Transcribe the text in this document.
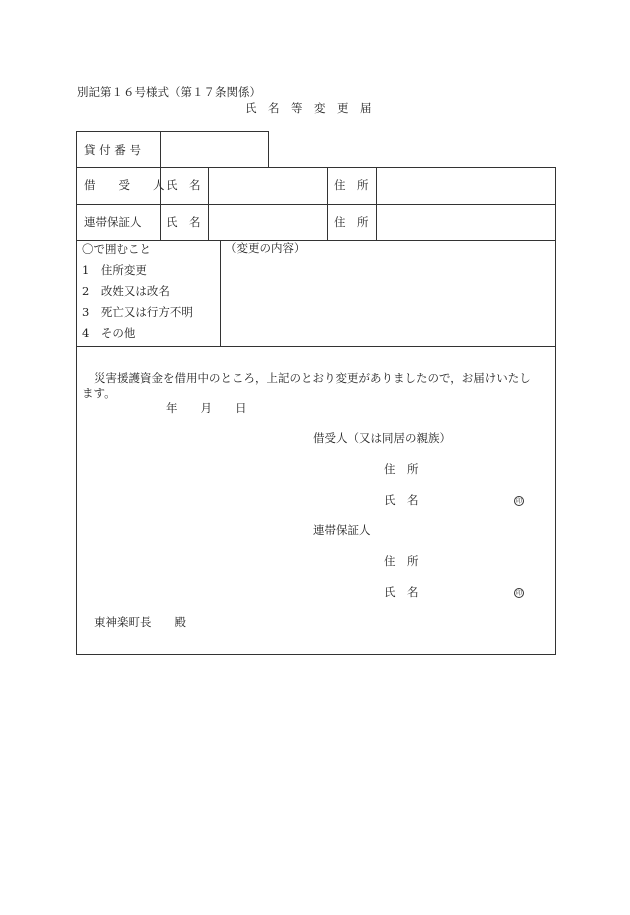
別記第１６号様式（第１７条関係）
氏　名　等　変　更　届
貸 付 番 号
借　　受　　人 氏　名	住　所
連帯保証人 氏　名	住　所
〇で囲むこと
1　住所変更
2　改姓又は改名
3　死亡又は行方不明
4　その他
（変更の内容）
災害援護資金を借用中のところ，上記のとおり変更がありましたので，お届けいたし
ます。
年　　月　　日
借受人（又は同居の親族）
住　所
氏　名	印
連帯保証人
住　所
氏　名	印
東神楽町長　　殿
